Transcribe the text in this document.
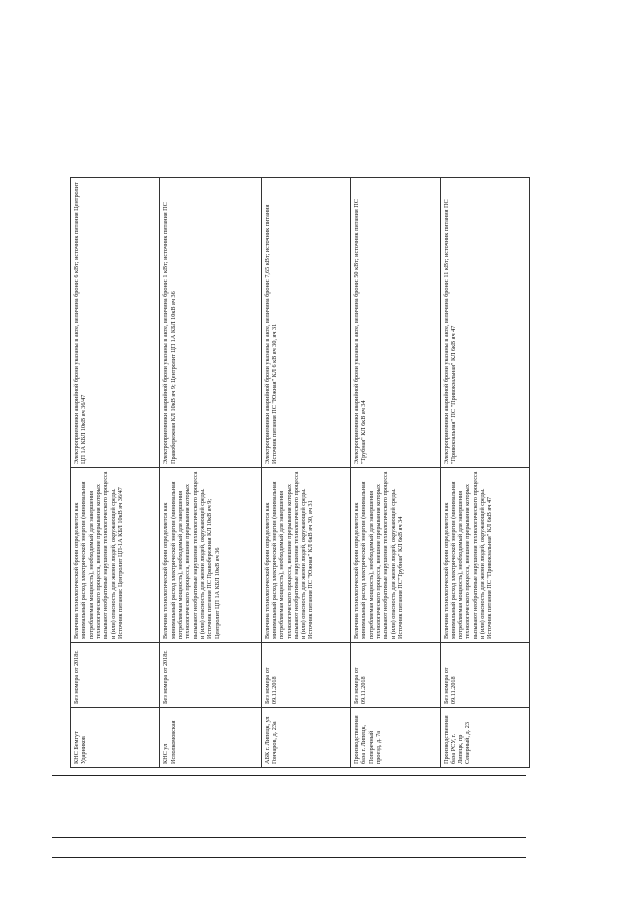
КНС Бемгут Ударников	Без номера от 2018г.	Величина технологической брони определяется как минимальный расход электрической энергии (минимальная потребляемая мощность), необходимый для завершения технологического процесса, внешние прерывания которых вызывают необратимые нарушения технологического процесса и (или) опасность для жизни людей, окружающей среды. Источник питания: Центролит ЦП-1А КБЛ 10кВ яч 36/47	Электроприемники аварийной брони указаны в акте, величина брони: 6 кВт; источник питания Центролит ЦП 1А КБЛ 10кВ яч 36/47
КНС ул Исполкомовская	Без номера от 2018г.	Величина технологической брони определяется как минимальный расход электрической энергии (минимальная потребляемая мощность), необходимый для завершения технологического процесса, внешние прерывания которых вызывают необратимые нарушения технологического процесса и (или) опасность для жизни людей, окружающей среды. Источник питания ПС Правобережная КЛ 10кВ яч 9; Центролит ЦП 1А КБЛ 10кВ яч 36	Электроприемники аварийной брони указаны в акте, величина брони: 1 кВт; источник питания ПС Правобережная КЛ 10кВ яч 9; Центролит ЦП 1А КБЛ 10кВ яч 36
АБК г. Липецк, ул Гончаров, д. 23а	Без номера от 09.11.2018	Величина технологической брони определяется как минимальный расход электрической энергии (минимальная потребляемая мощность), необходимый для завершения технологического процесса, внешние прерывания которых вызывают необратимые нарушения технологического процесса и (или) опасность для жизни людей, окружающей среды. Источник питания ПС "Южная" КЛ 6кВ яч 30, яч 31	Электроприемники аварийной брони указаны в акте, величина брони: 7,65 кВт; источник питания Источник питания ПС "Южная" КЛ 6 кВ яч 30, яч 31
Производственная база г. Липецк, Поперечный проезд, д. 7а	Без номера от 09.11.2018	Величина технологической брони определяется как минимальный расход электрической энергии (минимальная потребляемая мощность), необходимый для завершения технологического процесса, внешние прерывания которых вызывают необратимые нарушения технологического процесса и (или) опасность для жизни людей, окружающей среды. Источник питания ПС"Трубная" КЛ 6кВ яч 34	Электроприемники аварийной брони указаны в акте, величина брони: 50 кВт; источник питания ПС "Трубная" КЛ 6кВ яч 34
Производственная база РСУ, г. Липецк, пр Северный, д. 23	Без номера от 09.11.2018	Величина технологической брони определяется как минимальный расход электрической энергии (минимальная потребляемая мощность), необходимый для завершения технологического процесса, внешние прерывания которых вызывают необратимые нарушения технологического процесса и (или) опасность для жизни людей, окружающей среды. Источник питания ПС "Привокзальная" КЛ 6кВ яч 47	Электроприемники аварийной брони указаны в акте, величина брони: 11 кВт; источник питания ПС "Привокзальная" ПС "Привокзальная" КЛ 6кВ яч 47
